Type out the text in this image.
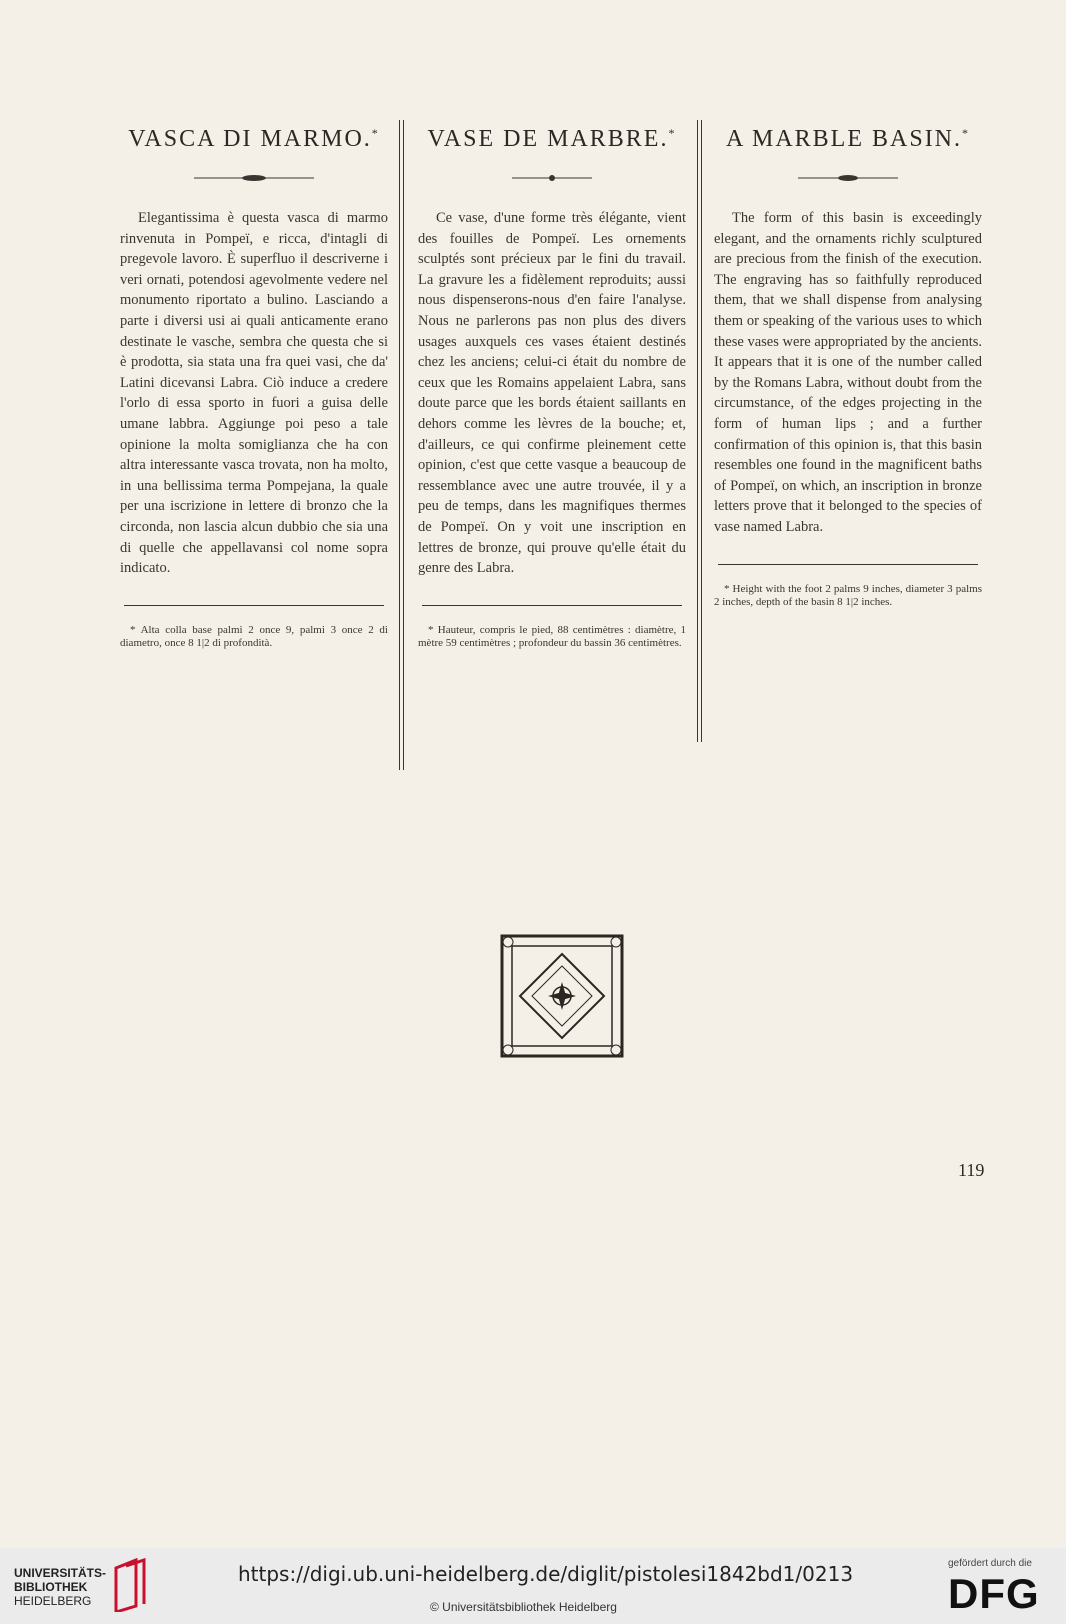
VASCA DI MARMO.*

Elegantissima è questa vasca di marmo rinvenuta in Pompeï, e ricca, d'intagli di pregevole lavoro. È superfluo il descriverne i veri ornati, potendosi agevolmente vedere nel monumento riportato a bulino. Lasciando a parte i diversi usi ai quali anticamente erano destinate le vasche, sembra che questa che si è prodotta, sia stata una fra quei vasi, che da' Latini dicevansi Labra. Ciò induce a credere l'orlo di essa sporto in fuori a guisa delle umane labbra. Aggiunge poi peso a tale opinione la molta somiglianza che ha con altra interessante vasca trovata, non ha molto, in una bellissima terma Pompejana, la quale per una iscrizione in lettere di bronzo che la circonda, non lascia alcun dubbio che sia una di quelle che appellavansi col nome sopra indicato.

* Alta colla base palmi 2 once 9, palmi 3 once 2 di diametro, once 8 1|2 di profondità.

VASE DE MARBRE.*

Ce vase, d'une forme très élégante, vient des fouilles de Pompeï. Les ornements sculptés sont précieux par le fini du travail. La gravure les a fidèlement reproduits; aussi nous dispenserons-nous d'en faire l'analyse. Nous ne parlerons pas non plus des divers usages auxquels ces vases étaient destinés chez les anciens; celui-ci était du nombre de ceux que les Romains appelaient Labra, sans doute parce que les bords étaient saillants en dehors comme les lèvres de la bouche; et, d'ailleurs, ce qui confirme pleinement cette opinion, c'est que cette vasque a beaucoup de ressemblance avec une autre trouvée, il y a peu de temps, dans les magnifiques thermes de Pompeï. On y voit une inscription en lettres de bronze, qui prouve qu'elle était du genre des Labra.

* Hauteur, compris le pied, 88 centimètres : diamètre, 1 mètre 59 centimètres ; profondeur du bassin 36 centimètres.

A MARBLE BASIN.*

The form of this basin is exceedingly elegant, and the ornaments richly sculptured are precious from the finish of the execution. The engraving has so faithfully reproduced them, that we shall dispense from analysing them or speaking of the various uses to which these vases were appropriated by the ancients. It appears that it is one of the number called by the Romans Labra, without doubt from the circumstance, of the edges projecting in the form of human lips ; and a further confirmation of this opinion is, that this basin resembles one found in the magnificent baths of Pompeï, on which, an inscription in bronze letters prove that it belonged to the species of vase named Labra.

* Height with the foot 2 palms 9 inches, diameter 3 palms 2 inches, depth of the basin 8 1|2 inches.

119
UNIVERSITÄTS-
BIBLIOTHEK
HEIDELBERG
https://digi.ub.uni-heidelberg.de/diglit/pistolesi1842bd1/0213
© Universitätsbibliothek Heidelberg
gefördert durch die
DFG
